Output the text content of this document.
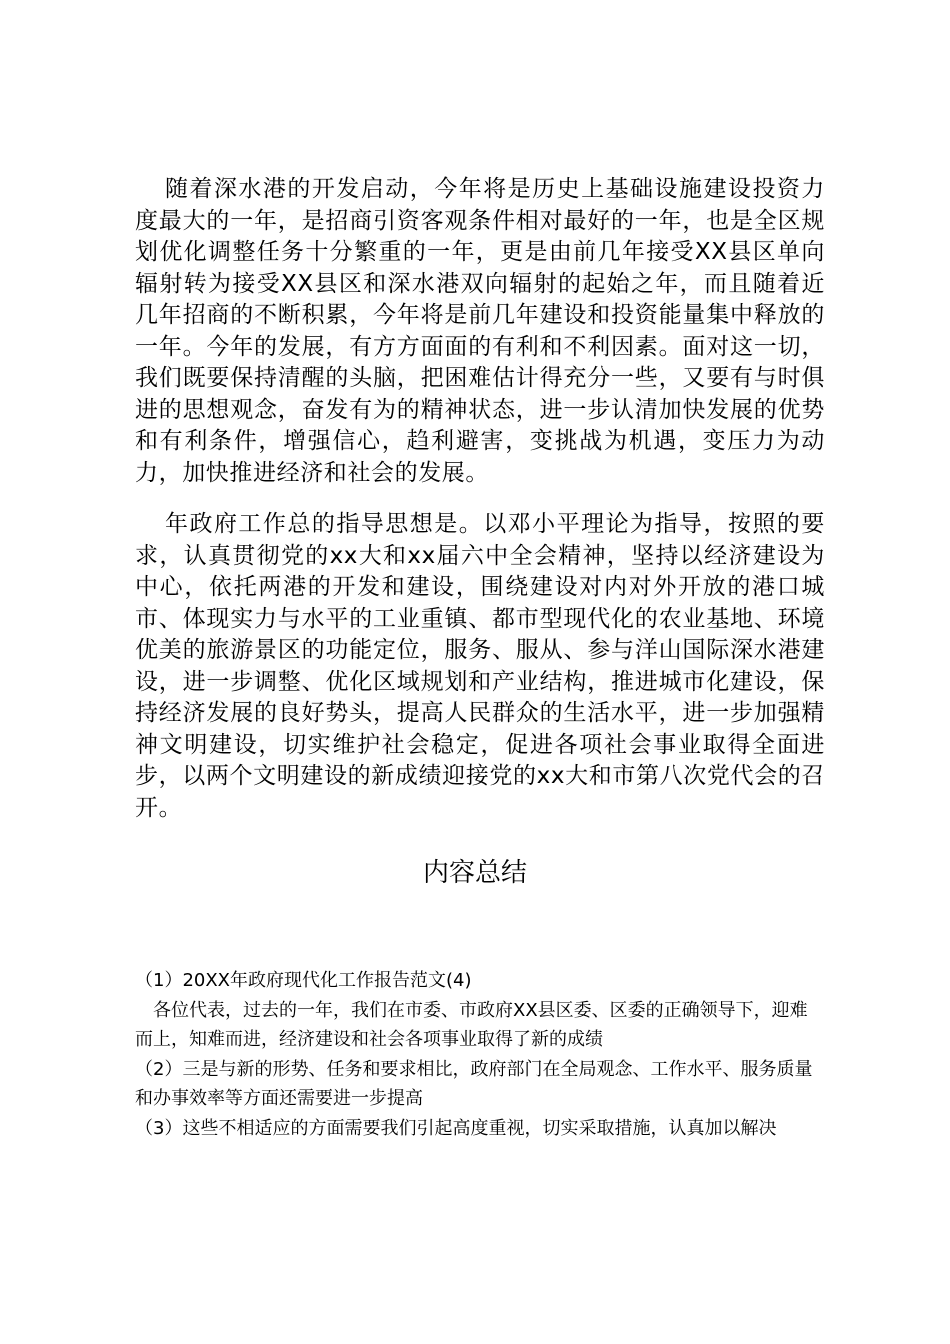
随着深水港的开发启动，今年将是历史上基础设施建设投资力度最大的一年，是招商引资客观条件相对最好的一年，也是全区规划优化调整任务十分繁重的一年，更是由前几年接受XX县区单向辐射转为接受XX县区和深水港双向辐射的起始之年，而且随着近几年招商的不断积累，今年将是前几年建设和投资能量集中释放的一年。今年的发展，有方方面面的有利和不利因素。面对这一切，我们既要保持清醒的头脑，把困难估计得充分一些，又要有与时俱进的思想观念，奋发有为的精神状态，进一步认清加快发展的优势和有利条件，增强信心，趋利避害，变挑战为机遇，变压力为动力，加快推进经济和社会的发展。

年政府工作总的指导思想是。以邓小平理论为指导，按照的要求，认真贯彻党的xx大和xx届六中全会精神，坚持以经济建设为中心，依托两港的开发和建设，围绕建设对内对外开放的港口城市、体现实力与水平的工业重镇、都市型现代化的农业基地、环境优美的旅游景区的功能定位，服务、服从、参与洋山国际深水港建设，进一步调整、优化区域规划和产业结构，推进城市化建设，保持经济发展的良好势头，提高人民群众的生活水平，进一步加强精神文明建设，切实维护社会稳定，促进各项社会事业取得全面进步，以两个文明建设的新成绩迎接党的xx大和市第八次党代会的召开。

内容总结
（1）20XX年政府现代化工作报告范文(4)
各位代表，过去的一年，我们在市委、市政府XX县区委、区委的正确领导下，迎难而上，知难而进，经济建设和社会各项事业取得了新的成绩
（2）三是与新的形势、任务和要求相比，政府部门在全局观念、工作水平、服务质量和办事效率等方面还需要进一步提高
（3）这些不相适应的方面需要我们引起高度重视，切实采取措施，认真加以解决
